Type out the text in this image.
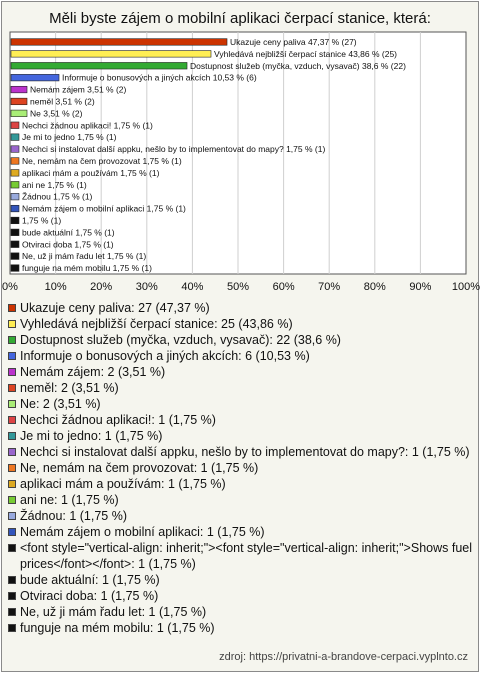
Měli byste zájem o mobilní aplikaci čerpací stanice, která:
0% 10% 20% 30% 40% 50% 60% 70% 80% 90% 100%
Ukazuje ceny paliva 47,37 % (27)
Vyhledává nejbližší čerpací stanice 43,86 % (25)
Dostupnost služeb (myčka, vzduch, vysavač) 38,6 % (22)
Informuje o bonusových a jiných akcích 10,53 % (6)
Nemám zájem 3,51 % (2)
neměl 3,51 % (2)
Ne 3,51 % (2)
Nechci žádnou aplikaci! 1,75 % (1)
Je mi to jedno 1,75 % (1)
Nechci si instalovat další appku, nešlo by to implementovat do mapy? 1,75 % (1)
Ne, nemám na čem provozovat 1,75 % (1)
aplikaci mám a používám 1,75 % (1)
ani ne 1,75 % (1)
Žádnou 1,75 % (1)
Nemám zájem o mobilní aplikaci 1,75 % (1)
1,75 % (1)
bude aktuální 1,75 % (1)
Otviraci doba 1,75 % (1)
Ne, už ji mám řadu let 1,75 % (1)
funguje na mém mobilu 1,75 % (1)
Ukazuje ceny paliva: 27 (47,37 %)
Vyhledává nejbližší čerpací stanice: 25 (43,86 %)
Dostupnost služeb (myčka, vzduch, vysavač): 22 (38,6 %)
Informuje o bonusových a jiných akcích: 6 (10,53 %)
Nemám zájem: 2 (3,51 %)
neměl: 2 (3,51 %)
Ne: 2 (3,51 %)
Nechci žádnou aplikaci!: 1 (1,75 %)
Je mi to jedno: 1 (1,75 %)
Nechci si instalovat další appku, nešlo by to implementovat do mapy?: 1 (1,75 %)
Ne, nemám na čem provozovat: 1 (1,75 %)
aplikaci mám a používám: 1 (1,75 %)
ani ne: 1 (1,75 %)
Žádnou: 1 (1,75 %)
Nemám zájem o mobilní aplikaci: 1 (1,75 %)
<font style="vertical-align: inherit;"><font style="vertical-align: inherit;">Shows fuel prices</font></font>: 1 (1,75 %)
bude aktuální: 1 (1,75 %)
Otviraci doba: 1 (1,75 %)
Ne, už ji mám řadu let: 1 (1,75 %)
funguje na mém mobilu: 1 (1,75 %)
zdroj: https://privatni-a-brandove-cerpaci.vyplnto.cz
